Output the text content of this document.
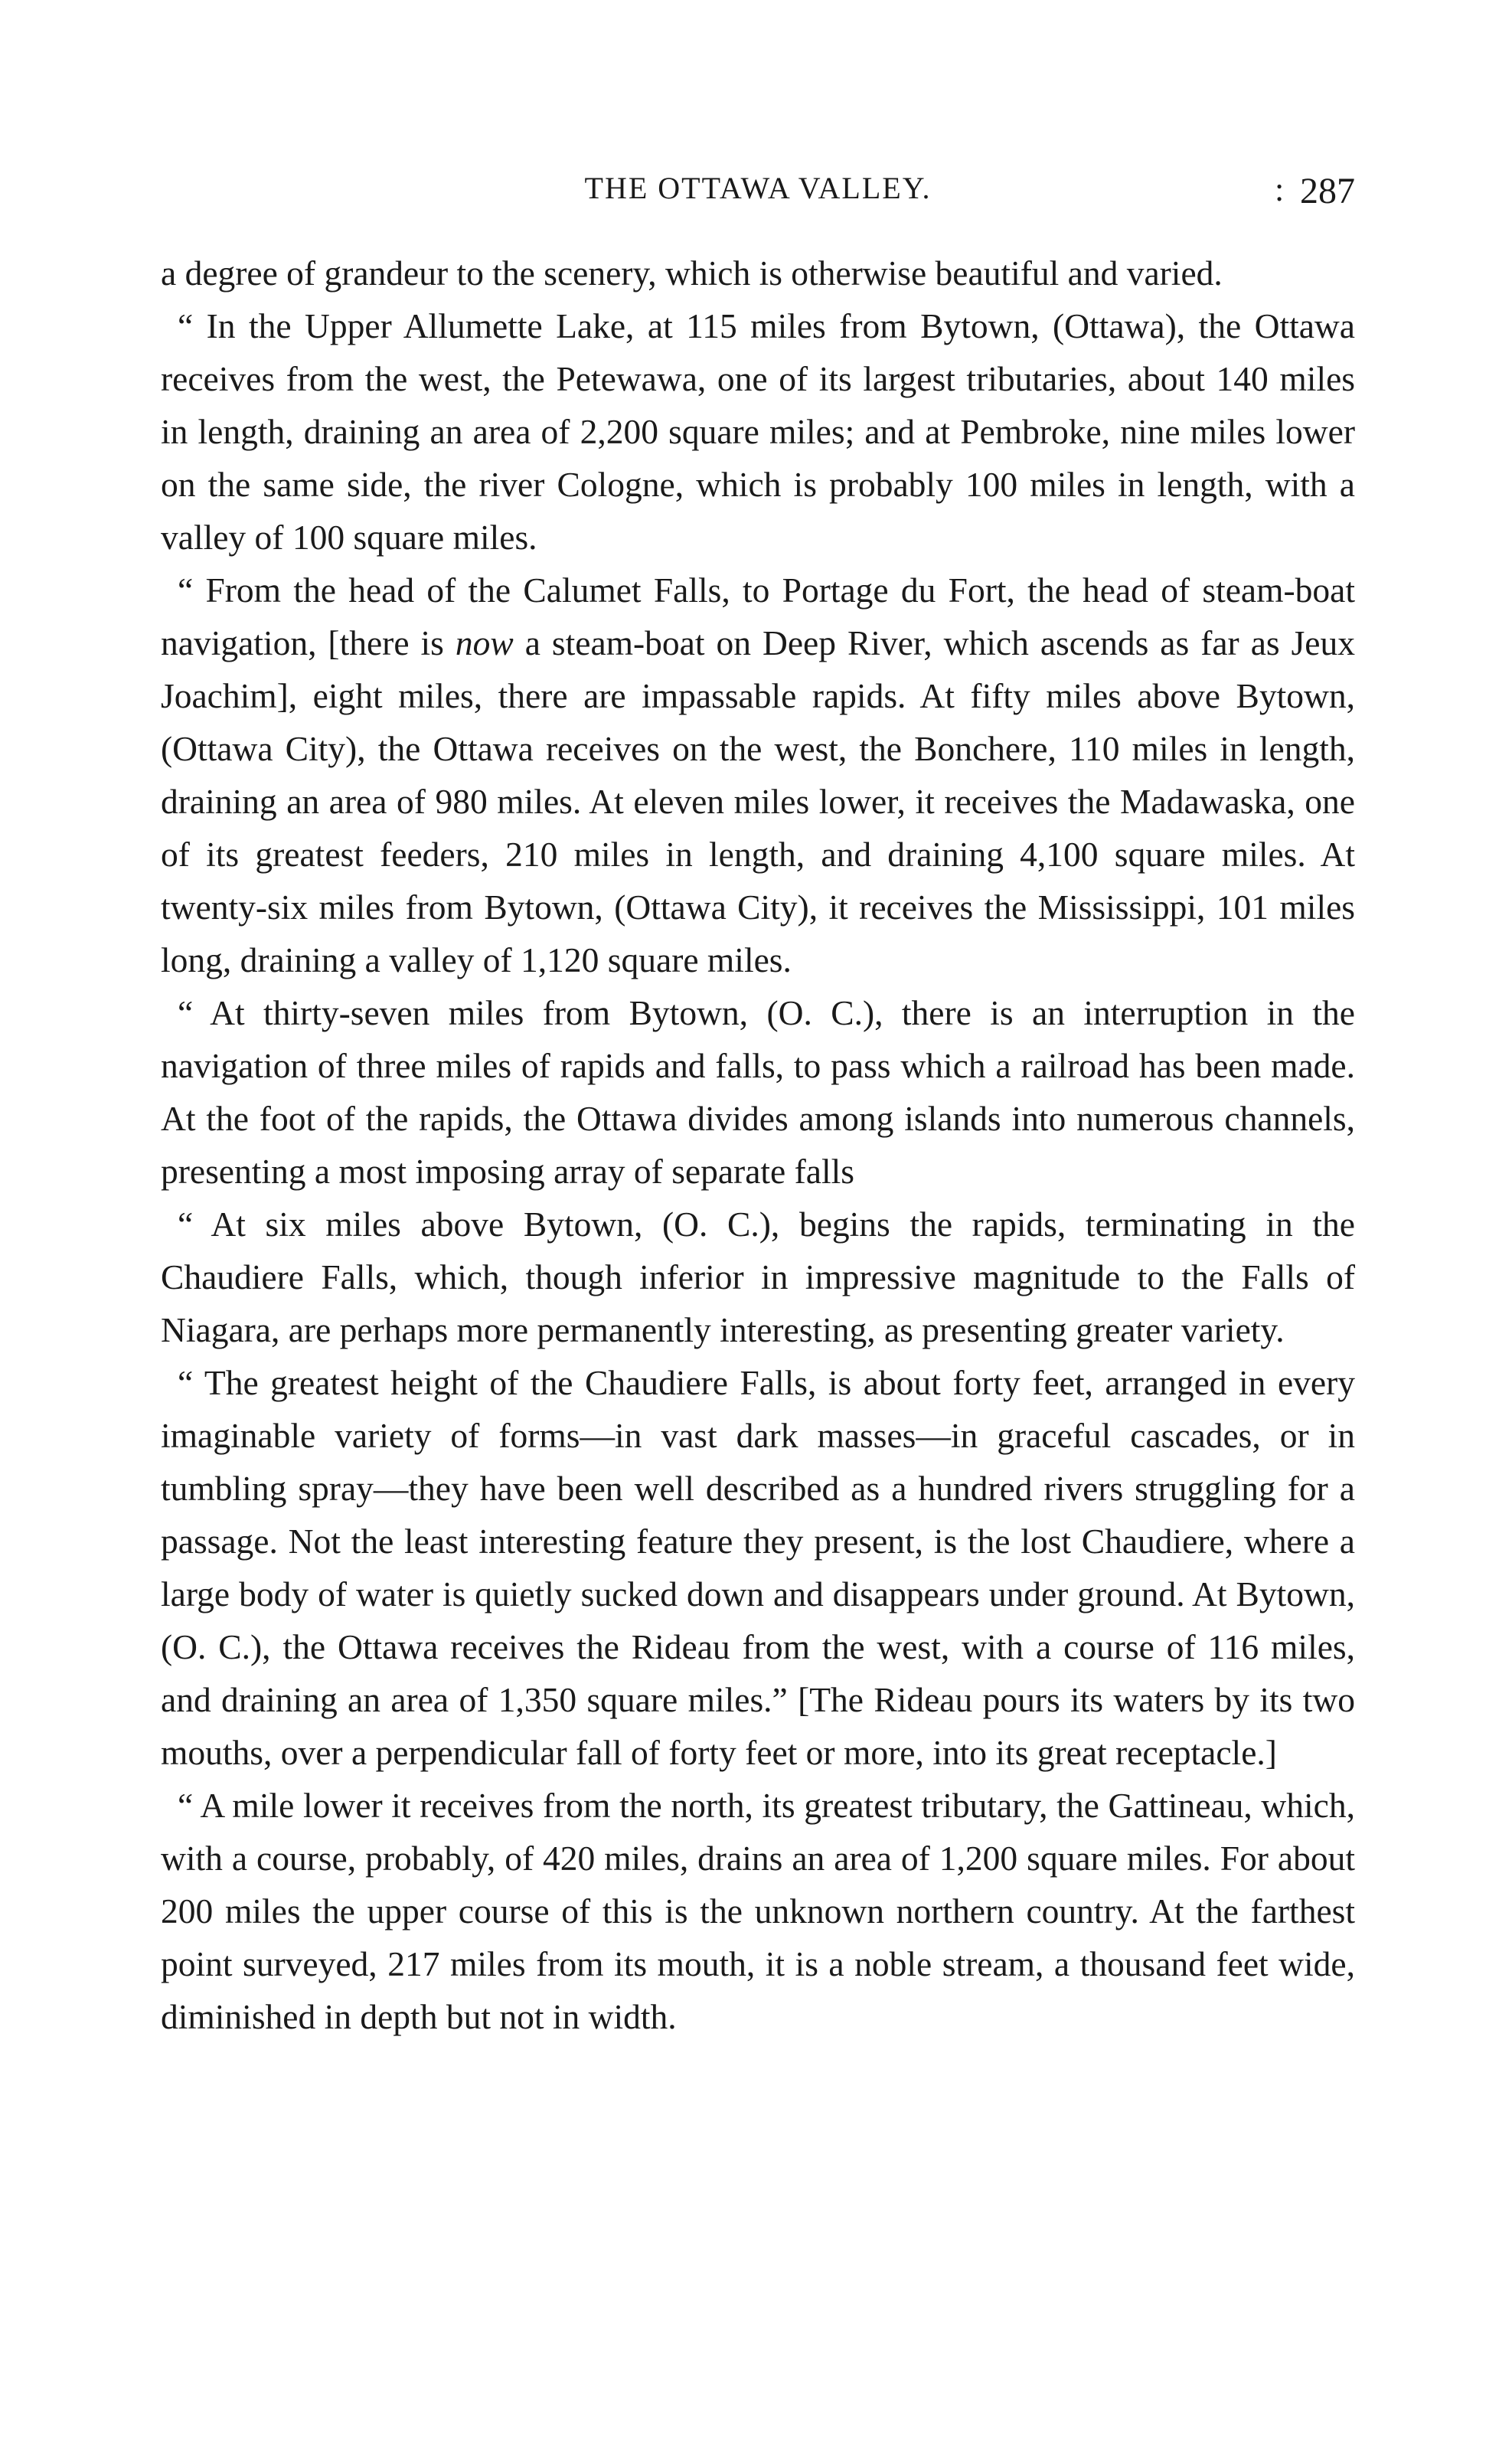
THE OTTAWA VALLEY.	: 287

a degree of grandeur to the scenery, which is otherwise beautiful and varied.

“ In the Upper Allumette Lake, at 115 miles from Bytown, (Ottawa), the Ottawa receives from the west, the Petewawa, one of its largest tributaries, about 140 miles in length, draining an area of 2,200 square miles; and at Pembroke, nine miles lower on the same side, the river Cologne, which is probably 100 miles in length, with a valley of 100 square miles.

“ From the head of the Calumet Falls, to Portage du Fort, the head of steam-boat navigation, [there is now a steam-boat on Deep River, which ascends as far as Jeux Joachim], eight miles, there are impassable rapids. At fifty miles above Bytown, (Ottawa City), the Ottawa receives on the west, the Bonchere, 110 miles in length, draining an area of 980 miles. At eleven miles lower, it receives the Madawaska, one of its greatest feeders, 210 miles in length, and draining 4,100 square miles. At twenty-six miles from Bytown, (Ottawa City), it receives the Mississippi, 101 miles long, draining a valley of 1,120 square miles.

“ At thirty-seven miles from Bytown, (O. C.), there is an interruption in the navigation of three miles of rapids and falls, to pass which a railroad has been made. At the foot of the rapids, the Ottawa divides among islands into numerous channels, presenting a most imposing array of separate falls

“ At six miles above Bytown, (O. C.), begins the rapids, terminating in the Chaudiere Falls, which, though inferior in impressive magnitude to the Falls of Niagara, are perhaps more permanently interesting, as presenting greater variety.

“ The greatest height of the Chaudiere Falls, is about forty feet, arranged in every imaginable variety of forms—in vast dark masses—in graceful cascades, or in tumbling spray—they have been well described as a hundred rivers struggling for a passage. Not the least interesting feature they present, is the lost Chaudiere, where a large body of water is quietly sucked down and disappears under ground. At Bytown, (O. C.), the Ottawa receives the Rideau from the west, with a course of 116 miles, and draining an area of 1,350 square miles.” [The Rideau pours its waters by its two mouths, over a perpendicular fall of forty feet or more, into its great receptacle.]

“ A mile lower it receives from the north, its greatest tributary, the Gattineau, which, with a course, probably, of 420 miles, drains an area of 1,200 square miles. For about 200 miles the upper course of this is the unknown northern country. At the farthest point surveyed, 217 miles from its mouth, it is a noble stream, a thousand feet wide, diminished in depth but not in width.
